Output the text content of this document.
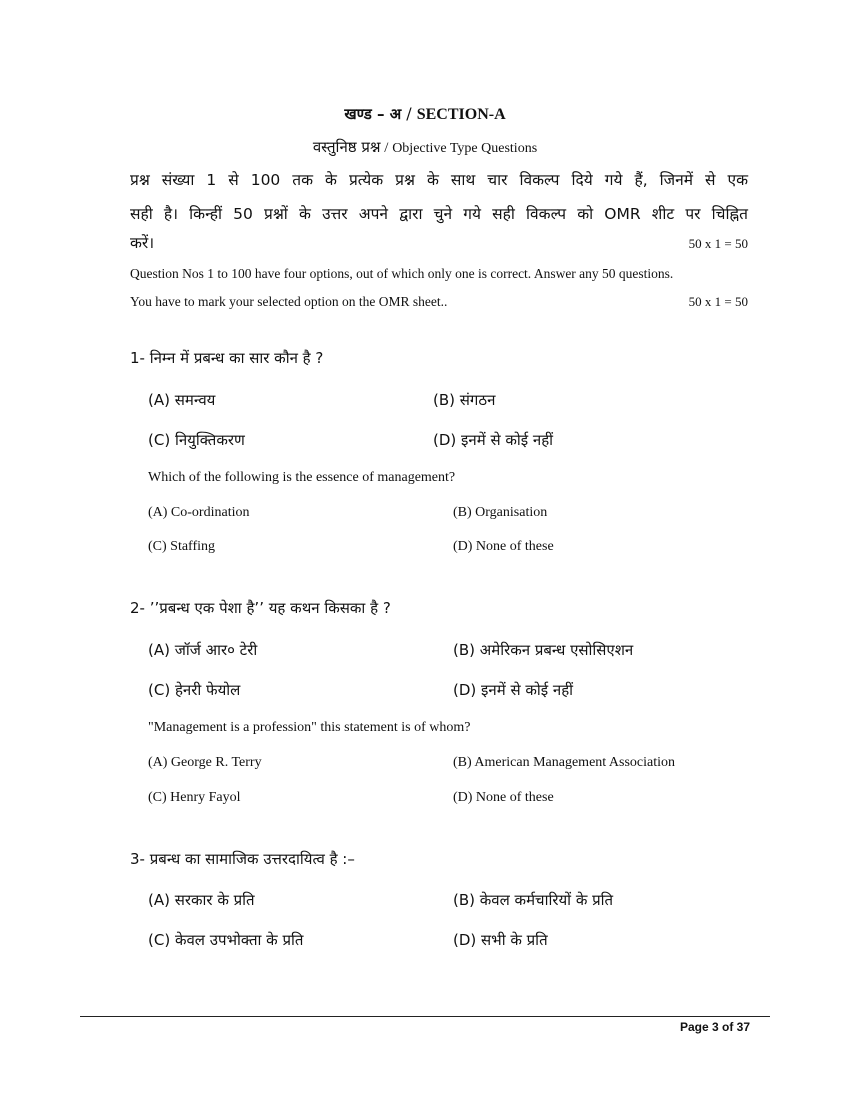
खण्ड – अ / SECTION-A
वस्तुनिष्ठ प्रश्न / Objective Type Questions
प्रश्न संख्या 1 से 100 तक के प्रत्येक प्रश्न के साथ चार विकल्प दिये गये हैं, जिनमें से एक
सही है। किन्हीं 50 प्रश्नों के उत्तर अपने द्वारा चुने गये सही विकल्प को OMR शीट पर चिह्नित
करें।	50 x 1 = 50
Question Nos 1 to 100 have four options, out of which only one is correct. Answer any 50 questions.
You have to mark your selected option on the OMR sheet..	50 x 1 = 50
1- निम्न में प्रबन्ध का सार कौन है ?
(A) समन्वय	(B) संगठन
(C) नियुक्तिकरण	(D) इनमें से कोई नहीं
Which of the following is the essence of management?
(A) Co-ordination	(B) Organisation
(C) Staffing	(D) None of these
2- ’’प्रबन्ध एक पेशा है’’ यह कथन किसका है ?
(A) जॉर्ज आर० टेरी	(B) अमेरिकन प्रबन्ध एसोसिएशन
(C) हेनरी फेयोल	(D) इनमें से कोई नहीं
"Management is a profession" this statement is of whom?
(A) George R. Terry	(B) American Management Association
(C) Henry Fayol	(D) None of these
3- प्रबन्ध का सामाजिक उत्तरदायित्व है :–
(A) सरकार के प्रति	(B) केवल कर्मचारियों के प्रति
(C) केवल उपभोक्ता के प्रति	(D) सभी के प्रति
Page 3 of 37
